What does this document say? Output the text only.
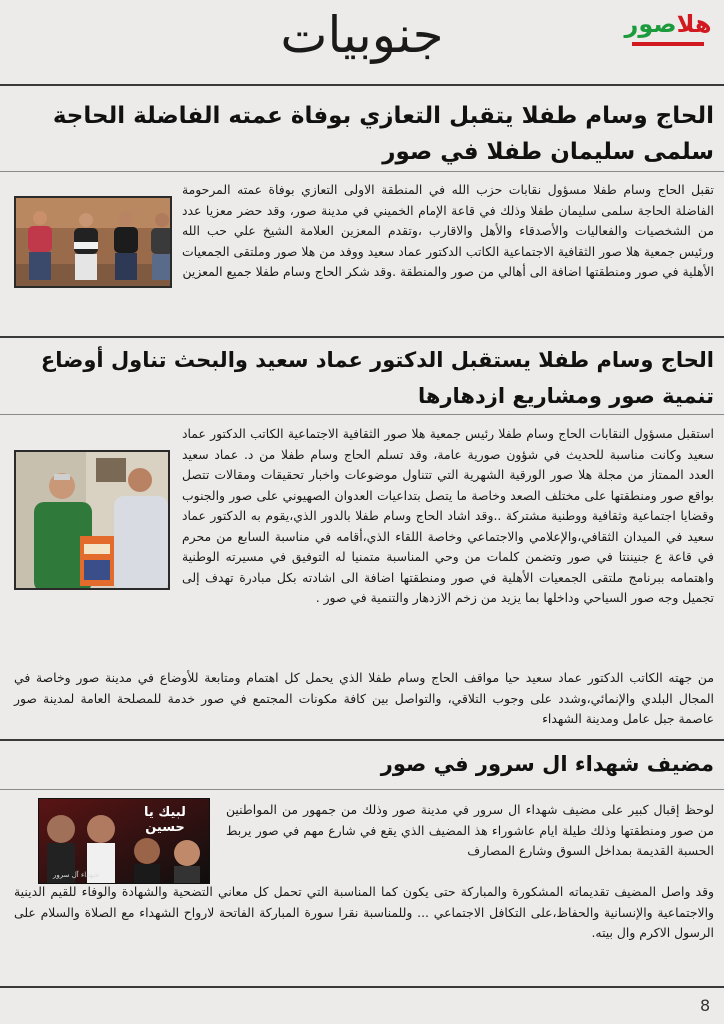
جنوبيات	هلاصور
الحاج وسام طفلا يتقبل التعازي بوفاة عمته الفاضلة الحاجة سلمى سليمان طفلا في صور
تقبل الحاج وسام طفلا مسؤول نقابات حزب الله في المنطقة الاولى التعازي بوفاة عمته المرحومة الفاضلة الحاجة سلمى سليمان طفلا وذلك في قاعة الإمام الخميني في مدينة صور، وقد حضر معزيا عدد من الشخصيات والفعاليات والأصدقاء والأهل والاقارب ،وتقدم المعزين العلامة الشيخ علي حب الله ورئيس جمعية هلا صور الثقافية الاجتماعية الكاتب الدكتور عماد سعيد ووفد من هلا صور وملتقى الجمعيات الأهلية في صور ومنطقتها اضافة الى أهالي من صور والمنطقة .وقد شكر الحاج وسام طفلا جميع المعزين
الحاج وسام طفلا يستقبل الدكتور عماد سعيد والبحث تناول أوضاع تنمية صور ومشاريع ازدهارها
استقبل مسؤول النقابات الحاج وسام طفلا رئيس جمعية هلا صور الثقافية الاجتماعية الكاتب الدكتور عماد سعيد وكانت مناسبة للحديث في شؤون صورية عامة، وقد تسلم الحاج وسام طفلا من د. عماد سعيد العدد الممتاز من مجلة هلا صور الورقية الشهرية التي تتناول موضوعات واخبار تحقيقات ومقالات تتصل بواقع صور ومنطقتها على مختلف الصعد وخاصة ما يتصل بتداعيات العدوان الصهيوني على صور والجنوب وقضايا اجتماعية وثقافية ووطنية مشتركة ..وقد اشاد الحاج وسام طفلا بالدور الذي،يقوم به الدكتور عماد سعيد في الميدان الثقافي،والإعلامي والاجتماعي وخاصة اللقاء الذي،أقامه في مناسبة السابع من محرم في قاعة ع جنيننتا في صور وتضمن كلمات من وحي المناسبة متمنيا له التوفيق في مسيرته الوطنية واهتمامه ببرنامج ملتقى الجمعيات الأهلية في صور ومنطقتها اضافة الى اشادته بكل مبادرة تهدف إلى تجميل وجه صور السياحي وداخلها بما يزيد من زخم الازدهار والتنمية في صور .
من جهته الكاتب الدكتور عماد سعيد حيا مواقف الحاج وسام طفلا الذي يحمل كل اهتمام ومتابعة للأوضاع في مدينة صور وخاصة في المجال البلدي والإنمائي،وشدد على وجوب التلاقي، والتواصل بين كافة مكونات المجتمع في صور خدمة للمصلحة العامة لمدينة صور عاصمة جبل عامل ومدينة الشهداء
مضيف شهداء ال سرور في صور
لوحظ إقبال كبير على مضيف شهداء ال سرور في مدينة صور وذلك من جمهور من المواطنين من صور ومنطقتها وذلك طيلة ايام عاشوراء هذ المضيف الذي يقع في شارع مهم في صور يربط الحسبة القديمة بمداخل السوق وشارع المصارف
لبيك يا حسين
شهداء آل سرور
وقد واصل المضيف تقديماته المشكورة والمباركة حتى يكون كما المناسبة التي تحمل كل معاني التضحية والشهادة والوفاء للقيم الدينية والاجتماعية والإنسانية والحفاظ،على التكافل الاجتماعي ... وللمناسبة نقرا سورة المباركة الفاتحة لارواح الشهداء مع الصلاة والسلام على الرسول الاكرم وال بيته.
8
